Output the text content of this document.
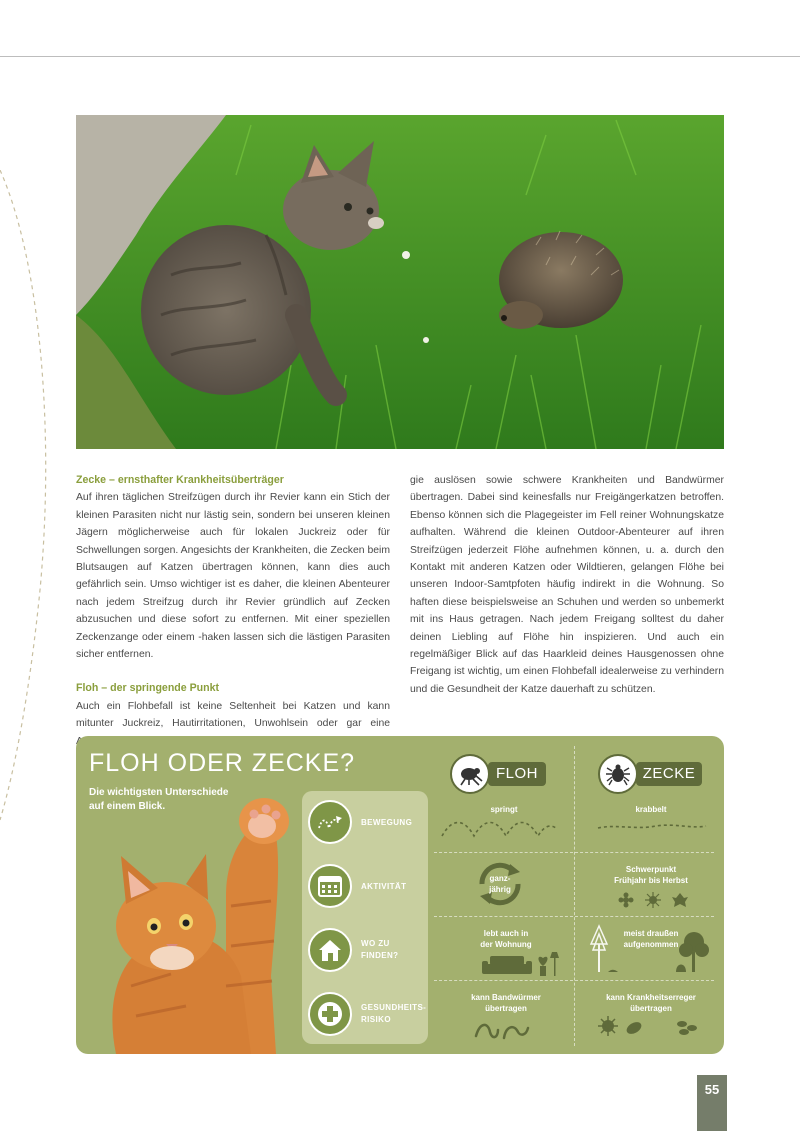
Zecke – ernsthafter Krankheitsüberträger

Auf ihren täglichen Streifzügen durch ihr Revier kann ein Stich der kleinen Parasiten nicht nur lästig sein, sondern bei unseren kleinen Jägern möglicherweise auch für lokalen Juckreiz oder für Schwellungen sorgen. Angesichts der Krankheiten, die Zecken beim Blutsaugen auf Katzen übertragen können, kann dies auch gefährlich sein. Umso wichtiger ist es daher, die kleinen Abenteurer nach jedem Streifzug durch ihr Revier gründlich auf Zecken abzusuchen und diese sofort zu entfernen. Mit einer speziellen Zeckenzange oder einem -haken lassen sich die lästigen Parasiten sicher entfernen.

Floh – der springende Punkt

Auch ein Flohbefall ist keine Seltenheit bei Katzen und kann mitunter Juckreiz, Hautirritationen, Unwohlsein oder gar eine

gie auslösen sowie schwere Krankheiten und Bandwürmer übertragen. Dabei sind keinesfalls nur Freigängerkatzen betroffen. Ebenso können sich die Plagegeister im Fell reiner Wohnungskatze aufhalten. Während die kleinen Outdoor-Abenteurer auf ihren Streifzügen jederzeit Flöhe aufnehmen können, u. a. durch den Kontakt mit anderen Katzen oder Wildtieren, gelangen Flöhe bei unseren Indoor-Samtpfoten häufig indirekt in die Wohnung. So haften diese beispielsweise an Schuhen und werden so unbemerkt mit ins Haus getragen. Nach jedem Freigang solltest du daher deinen Liebling auf Flöhe hin inspizieren. Und auch ein regelmäßiger Blick auf das Haarkleid deines Hausgenossen ohne Freigang ist wichtig, um einen Flohbefall idealerweise zu verhindern und die Gesundheit der Katze dauerhaft zu schützen.

FLOH ODER ZECKE?
Die wichtigsten Unterschiede auf einem Blick.
BEWEGUNG
AKTIVITÄT
WO ZU
FINDEN?
GESUNDHEITS-
RISIKO
FLOH	ZECKE
springt	krabbelt
ganz-
jährig
Schwerpunkt
Frühjahr bis Herbst
lebt auch in
der Wohnung
meist draußen
aufgenommen
kann Bandwürmer
übertragen
kann Krankheitserreger
übertragen
55
